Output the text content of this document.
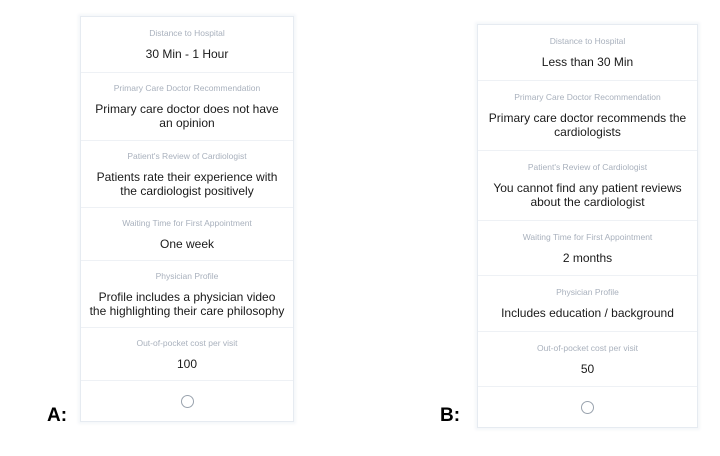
Distance to Hospital
30 Min - 1 Hour
Primary Care Doctor Recommendation
Primary care doctor does not have an opinion
Patient's Review of Cardiologist
Patients rate their experience with the cardiologist positively
Waiting Time for First Appointment
One week
Physician Profile
Profile includes a physician video the highlighting their care philosophy
Out-of-pocket cost per visit
100
A:
Distance to Hospital
Less than 30 Min
Primary Care Doctor Recommendation
Primary care doctor recommends the cardiologists
Patient's Review of Cardiologist
You cannot find any patient reviews about the cardiologist
Waiting Time for First Appointment
2 months
Physician Profile
Includes education / background
Out-of-pocket cost per visit
50
B:
